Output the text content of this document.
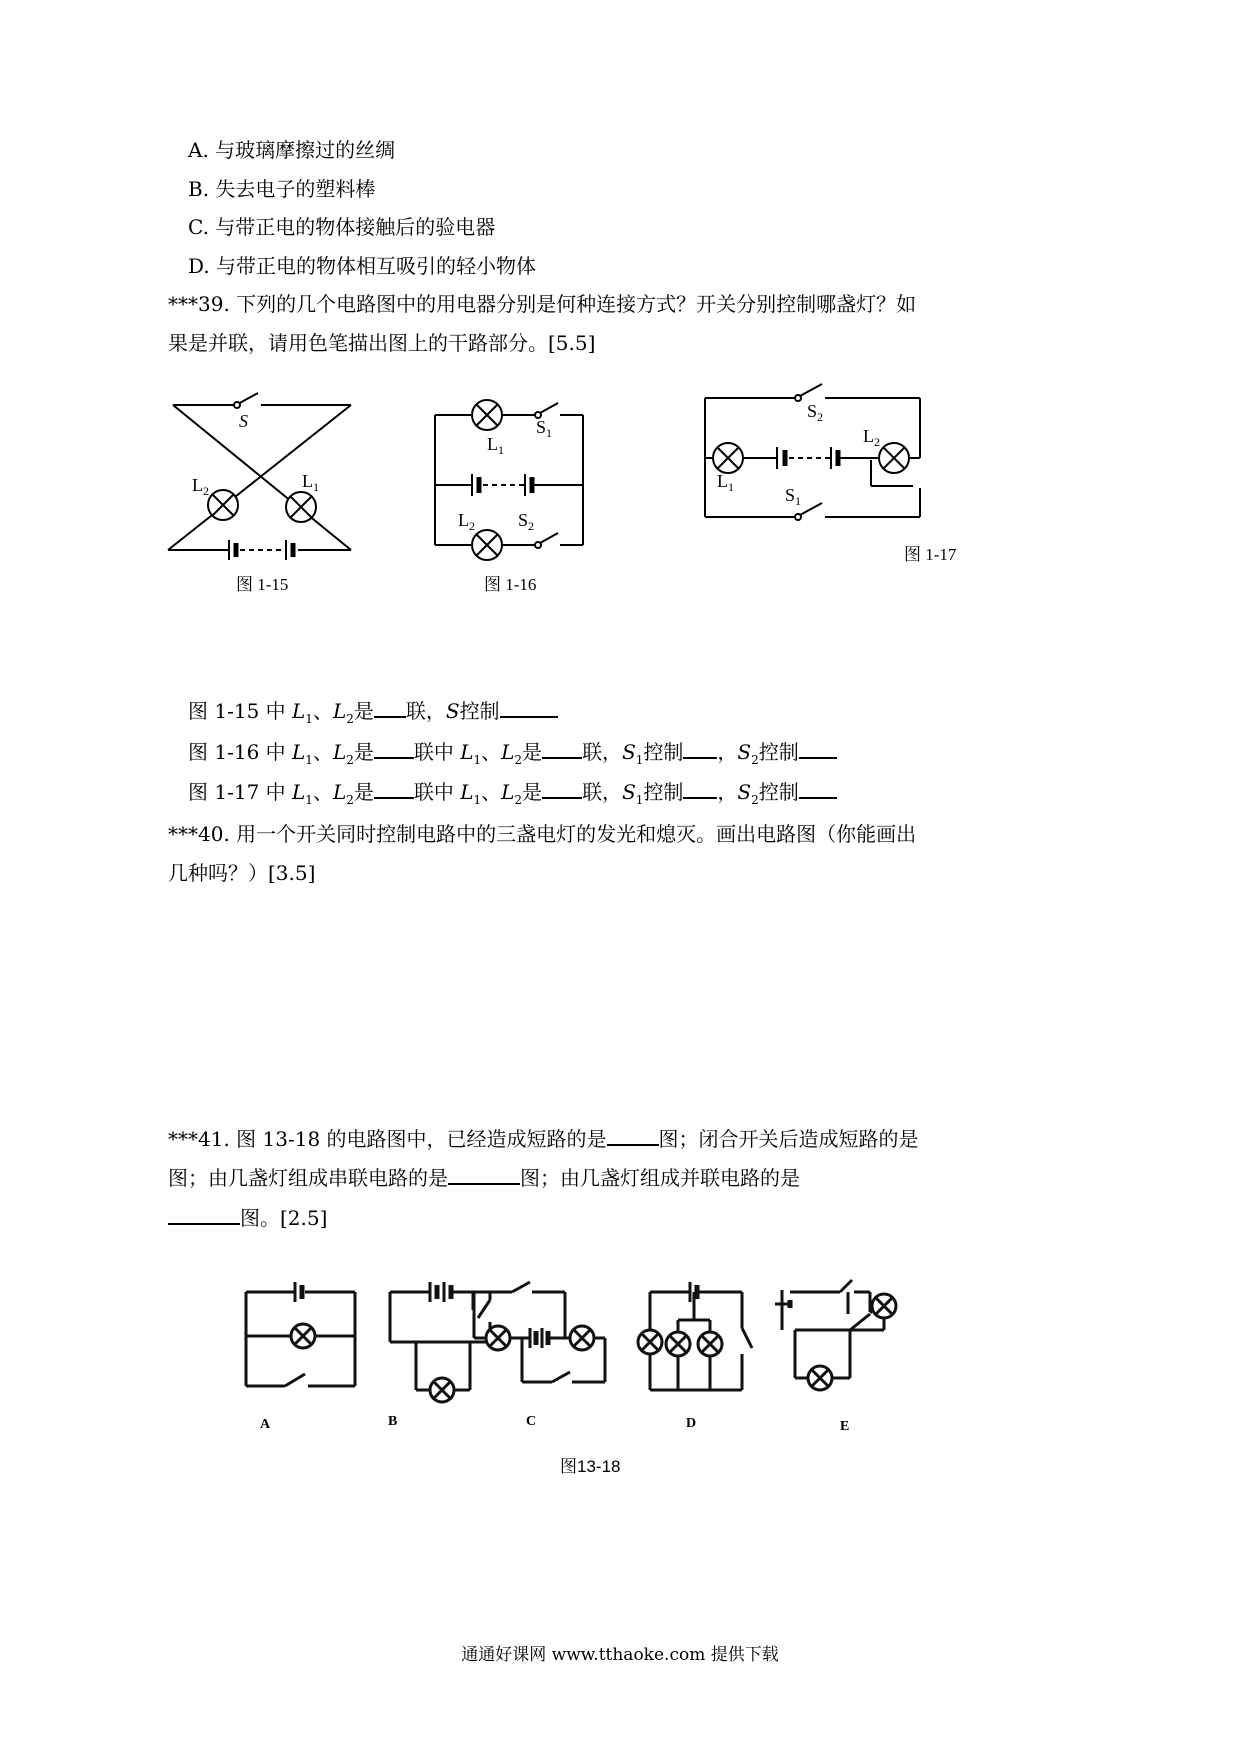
A. 与玻璃摩擦过的丝绸
B. 失去电子的塑料棒
C. 与带正电的物体接触后的验电器
D. 与带正电的物体相互吸引的轻小物体
***39. 下列的几个电路图中的用电器分别是何种连接方式？开关分别控制哪盏灯？如
果是并联，请用色笔描出图上的干路部分。[5.5]
S
$L_2$	$L_1$
图 1-15
$L_1$
$S_1$
$L_2$ $S_2$
图 1-16
$S_2$
$L_2$
$L_1$	$S_1$
图 1-17
图 1-15 中 $L_1$、$L_2$是 联，S控制
图 1-16 中 $L_1$、$L_2$是 联中 $L_1$、$L_2$是 联，$S_1$控制 ，$S_2$控制
图 1-17 中 $L_1$、$L_2$是 联中 $L_1$、$L_2$是 联，$S_1$控制 ，$S_2$控制
***40. 用一个开关同时控制电路中的三盏电灯的发光和熄灭。画出电路图（你能画出
几种吗？）[3.5]
***41. 图 13-18 的电路图中，已经造成短路的是	图；闭合开关后造成短路的是
图；由几盏灯组成串联电路的是	图；由几盏灯组成并联电路的是
图。[2.5]
A	B	C	D	E
图13-18
通通好课网 www.tthaoke.com 提供下载
